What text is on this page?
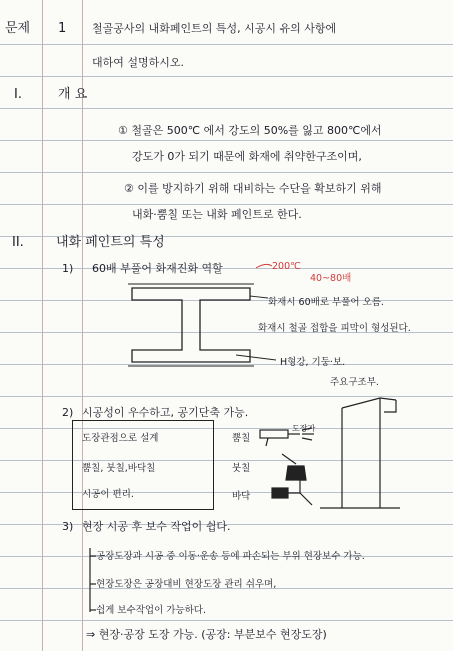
문제 1 철골공사의 내화페인트의 특성, 시공시 유의 사항에
대하여 설명하시오.
I.	개 요
① 철골은 500℃ 에서 강도의 50%를 잃고 800℃에서
강도가 0가 되기 때문에 화재에 취약한구조이며,
② 이를 방지하기 위해 대비하는 수단을 확보하기 위해
내화·뿜칠 또는 내화 페인트로 한다.
II. 내화 페인트의 특성
1) 60배 부풀어 화재진화 역할	200℃
40~80배
화재시 60배로 부풀어 오름.
화재시 철골 접합을 피막이 형성된다.
H형강, 기둥·보.
주요구조부.
2) 시공성이 우수하고, 공기단축 가능.
도장관점으로 설계
뿜칠, 붓칠,바닥칠
시공이 편리.
뿜칠
도장가
붓칠
바닥
3) 현장 시공 후 보수 작업이 쉽다.
공장도장과 시공 중 이동·운송 등에 파손되는 부위 현장보수 가능.
현장도장은 공장대비 현장도장 관리 쉬우며,
쉽게 보수작업이 가능하다.
⇒ 현장·공장 도장 가능. (공장: 부분보수 현장도장)
